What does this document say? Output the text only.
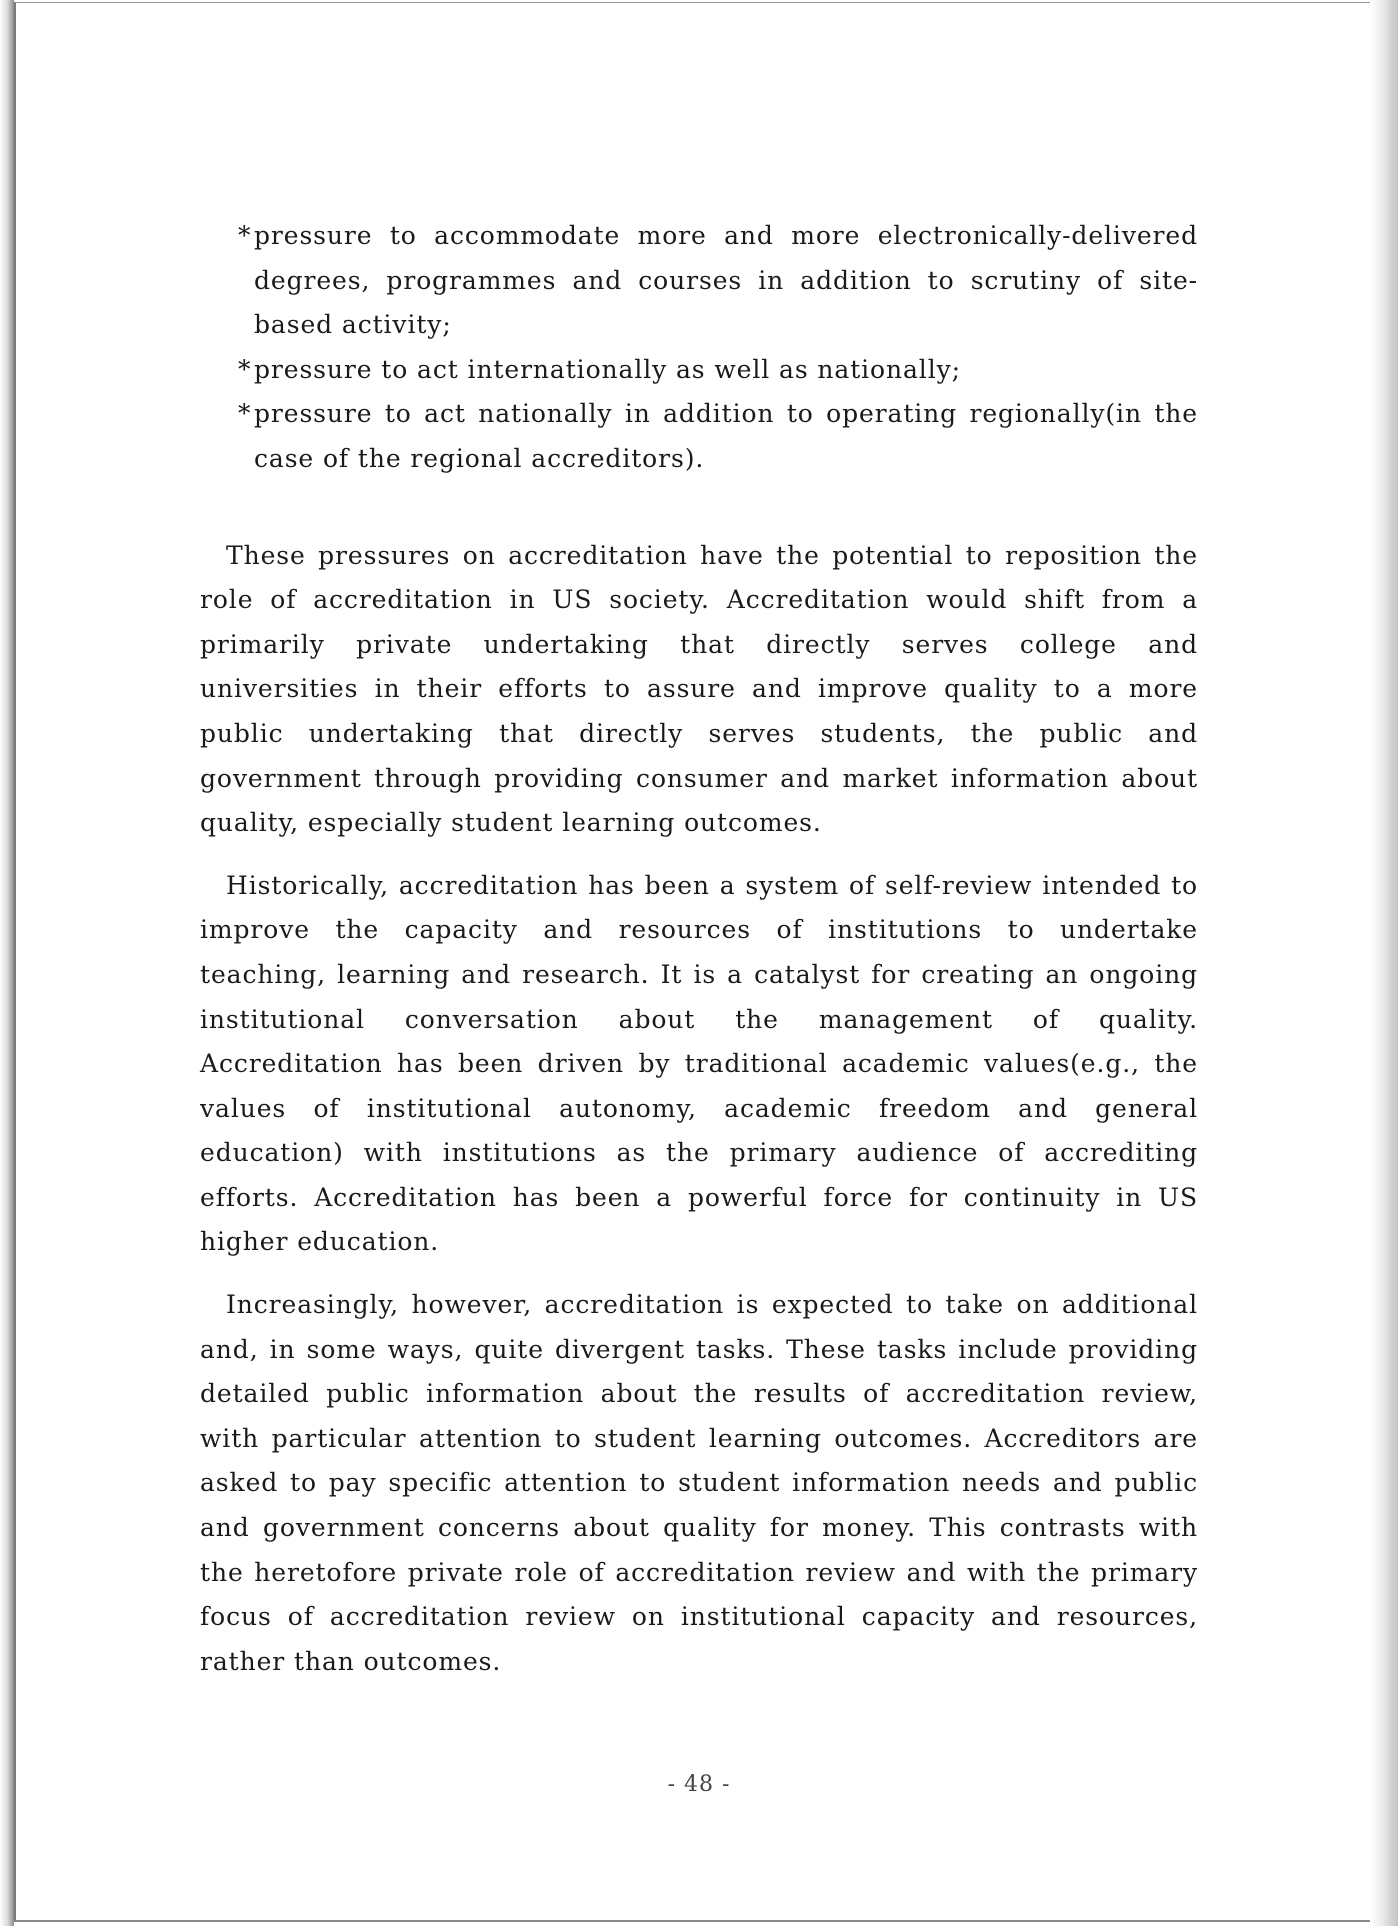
* pressure to accommodate more and more electronically-delivered degrees, programmes and courses in addition to scrutiny of site-based activity;
* pressure to act internationally as well as nationally;
* pressure to act nationally in addition to operating regionally(in the case of the regional accreditors).

These pressures on accreditation have the potential to reposition the role of accreditation in US society. Accreditation would shift from a primarily private undertaking that directly serves college and universities in their efforts to assure and improve quality to a more public undertaking that directly serves students, the public and government through providing consumer and market information about quality, especially student learning outcomes.

Historically, accreditation has been a system of self-review intended to improve the capacity and resources of institutions to undertake teaching, learning and research. It is a catalyst for creating an ongoing institutional conversation about the management of quality. Accreditation has been driven by traditional academic values(e.g., the values of institutional autonomy, academic freedom and general education) with institutions as the primary audience of accrediting efforts. Accreditation has been a powerful force for continuity in US higher education.

Increasingly, however, accreditation is expected to take on additional and, in some ways, quite divergent tasks. These tasks include providing detailed public information about the results of accreditation review, with particular attention to student learning outcomes. Accreditors are asked to pay specific attention to student information needs and public and government concerns about quality for money. This contrasts with the heretofore private role of accreditation review and with the primary focus of accreditation review on institutional capacity and resources, rather than outcomes.

- 48 -
